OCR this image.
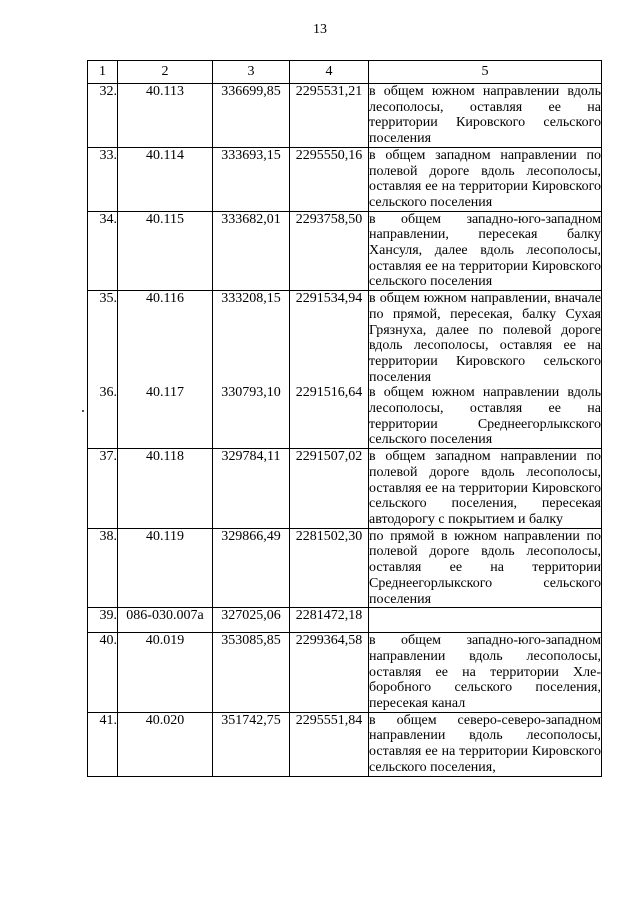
13
1	2	3	4	5
32.	40.113	336699,85	2295531,21	в общем южном направлении вдоль лесополосы, оставляя ее на территории Кировского сельского поселения
33.	40.114	333693,15	2295550,16	в общем западном направлении по полевой дороге вдоль лесополосы, оставляя ее на территории Кировского сельского поселения
34.	40.115	333682,01	2293758,50	в общем западно-юго-западном направлении, пересекая балку Хансуля, далее вдоль лесополосы, оставляя ее на территории Кировского сельского поселения
35.	40.116	333208,15	2291534,94	в общем южном направлении, вначале по прямой, пересекая, балку Сухая Грязнуха, далее по полевой дороге вдоль лесополосы, оставляя ее на территории Кировского сельского поселения
36.	40.117	330793,10	2291516,64	в общем южном направлении вдоль лесополосы, оставляя ее на территории Среднеегорлыкского сельского поселения
37.	40.118	329784,11	2291507,02	в общем западном направлении по полевой дороге вдоль лесополосы, оставляя ее на территории Кировского сельского поселения, пересекая автодорогу с покрытием и балку
38.	40.119	329866,49	2281502,30	по прямой в южном направлении по полевой дороге вдоль лесополосы, оставляя ее на территории Среднеегорлыкского сельского поселения
39.	086-030.007а	327025,06	2281472,18	
40.	40.019	353085,85	2299364,58	в общем западно-юго-западном направлении вдоль лесополосы, оставляя ее на территории Хлеборобного сельского поселения, пересекая канал
41.	40.020	351742,75	2295551,84	в общем северо-северо-западном направлении вдоль лесополосы, оставляя ее на территории Кировского сельского поселения,
